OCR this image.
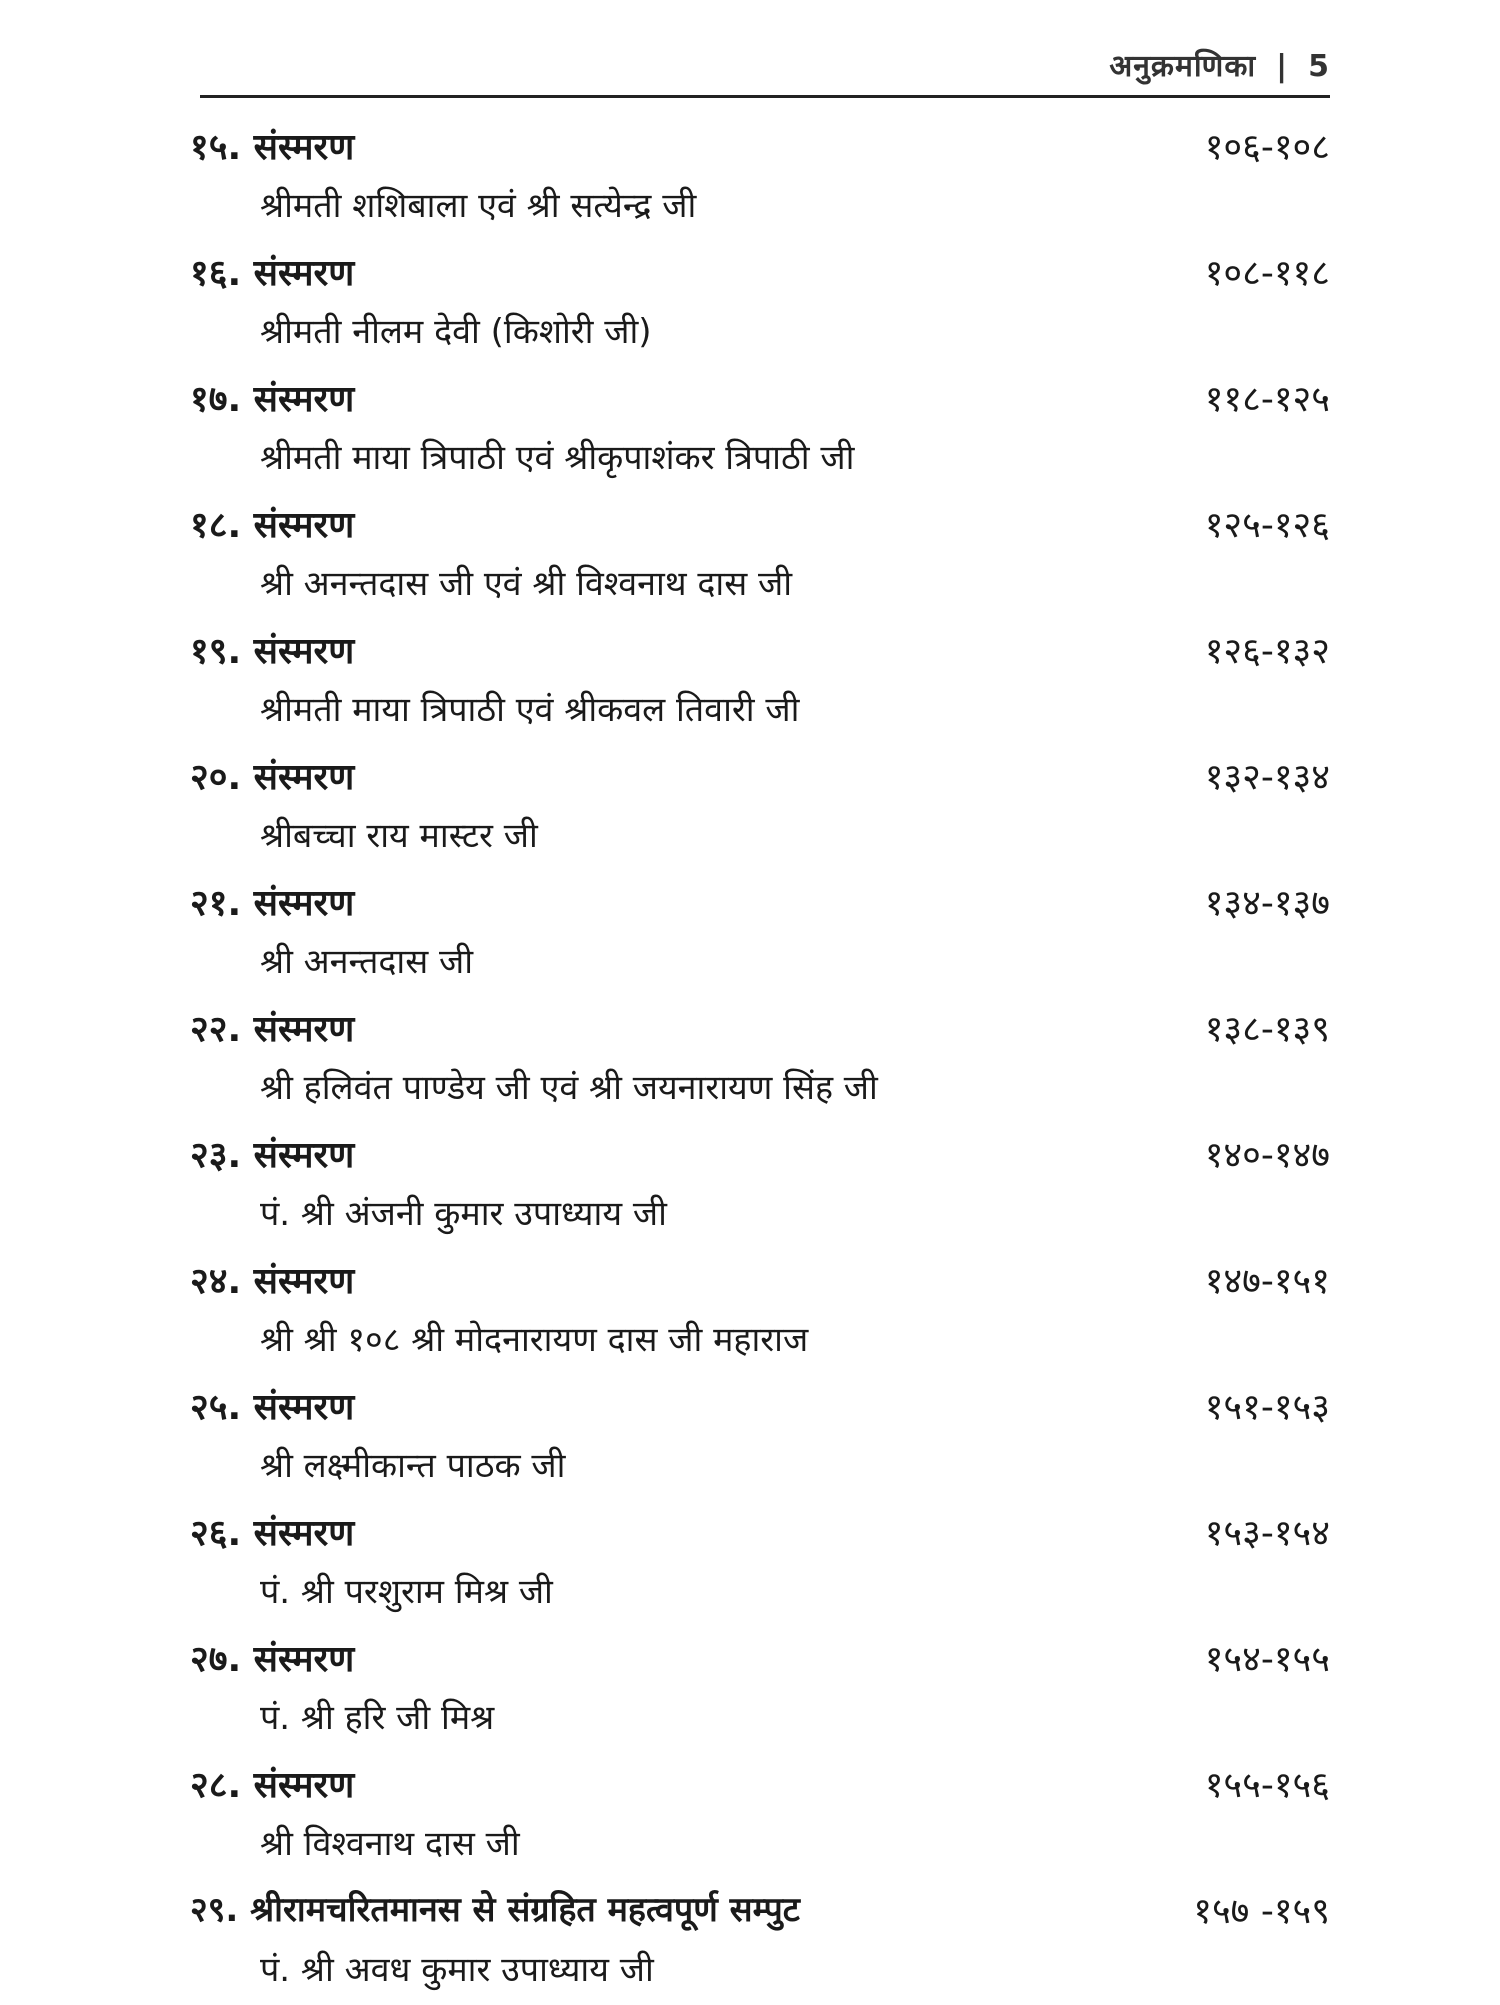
अनुक्रमणिका | 5
१५. संस्मरण	१०६-१०८
श्रीमती शशिबाला एवं श्री सत्येन्द्र जी
१६. संस्मरण	१०८-११८
श्रीमती नीलम देवी (किशोरी जी)
१७. संस्मरण	११८-१२५
श्रीमती माया त्रिपाठी एवं श्रीकृपाशंकर त्रिपाठी जी
१८. संस्मरण	१२५-१२६
श्री अनन्तदास जी एवं श्री विश्वनाथ दास जी
१९. संस्मरण	१२६-१३२
श्रीमती माया त्रिपाठी एवं श्रीकवल तिवारी जी
२०. संस्मरण	१३२-१३४
श्रीबच्चा राय मास्टर जी
२१. संस्मरण	१३४-१३७
श्री अनन्तदास जी
२२. संस्मरण	१३८-१३९
श्री हलिवंत पाण्डेय जी एवं श्री जयनारायण सिंह जी
२३. संस्मरण	१४०-१४७
पं. श्री अंजनी कुमार उपाध्याय जी
२४. संस्मरण	१४७-१५१
श्री श्री १०८ श्री मोदनारायण दास जी महाराज
२५. संस्मरण	१५१-१५३
श्री लक्ष्मीकान्त पाठक जी
२६. संस्मरण	१५३-१५४
पं. श्री परशुराम मिश्र जी
२७. संस्मरण	१५४-१५५
पं. श्री हरि जी मिश्र
२८. संस्मरण	१५५-१५६
श्री विश्वनाथ दास जी
२९. श्रीरामचरितमानस से संग्रहित महत्वपूर्ण सम्पुट	१५७ -१५९
पं. श्री अवध कुमार उपाध्याय जी
